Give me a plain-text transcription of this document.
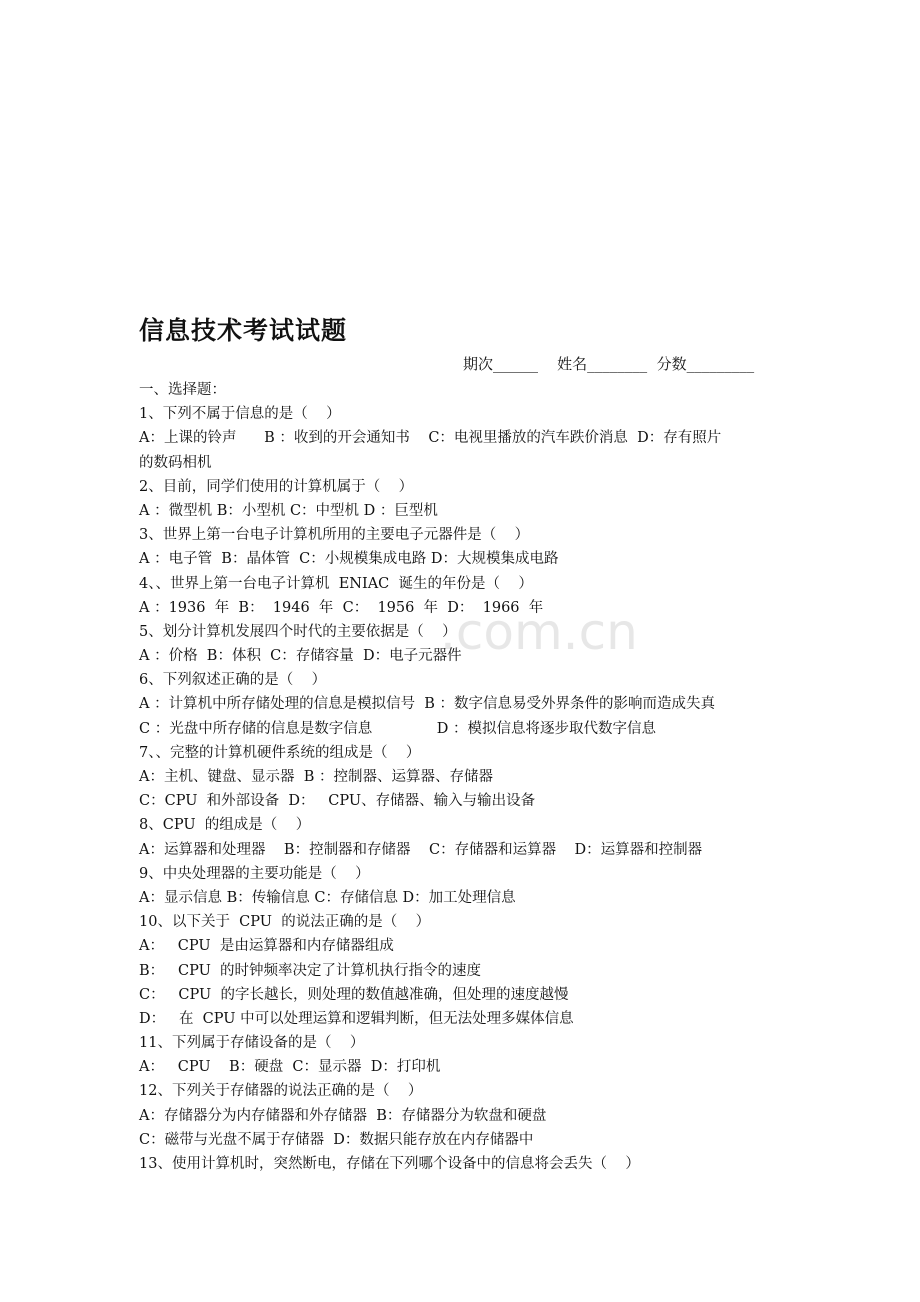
信息技术考试试题
期次______    姓名________  分数_________
一、选择题：
1、下列不属于信息的是（    ）
A：上课的铃声      B ：收到的开会通知书    C：电视里播放的汽车跌价消息  D：存有照片
的数码相机
2、目前，同学们使用的计算机属于（    ）
A ：微型机 B：小型机 C：中型机 D ：巨型机
3、世界上第一台电子计算机所用的主要电子元器件是（    ）
A ：电子管  B：晶体管  C：小规模集成电路 D：大规模集成电路
4、、世界上第一台电子计算机  ENIAC  诞生的年份是（    ）
A ：1936  年  B：  1946  年  C：  1956  年  D：  1966  年
5、划分计算机发展四个时代的主要依据是（    ）
A ：价格  B：体积  C：存储容量  D：电子元器件
6、下列叙述正确的是（    ）
A ：计算机中所存储处理的信息是模拟信号  B ：数字信息易受外界条件的影响而造成失真
C ：光盘中所存储的信息是数字信息              D ：模拟信息将逐步取代数字信息
7、、完整的计算机硬件系统的组成是（    ）
A：主机、键盘、显示器  B ：控制器、运算器、存储器
C：CPU  和外部设备  D：   CPU、存储器、输入与输出设备
8、CPU  的组成是（    ）
A：运算器和处理器    B：控制器和存储器    C：存储器和运算器    D：运算器和控制器
9、中央处理器的主要功能是（    ）
A：显示信息 B：传输信息 C：存储信息 D：加工处理信息
10、以下关于  CPU  的说法正确的是（    ）
A：   CPU  是由运算器和内存储器组成
B：   CPU  的时钟频率决定了计算机执行指令的速度
C：   CPU  的字长越长，则处理的数值越准确，但处理的速度越慢
D：   在  CPU 中可以处理运算和逻辑判断，但无法处理多媒体信息
11、下列属于存储设备的是（    ）
A：   CPU    B：硬盘  C：显示器  D：打印机
12、下列关于存储器的说法正确的是（    ）
A：存储器分为内存储器和外存储器  B：存储器分为软盘和硬盘
C：磁带与光盘不属于存储器  D：数据只能存放在内存储器中
13、使用计算机时，突然断电，存储在下列哪个设备中的信息将会丢失（    ）
.com.cn
